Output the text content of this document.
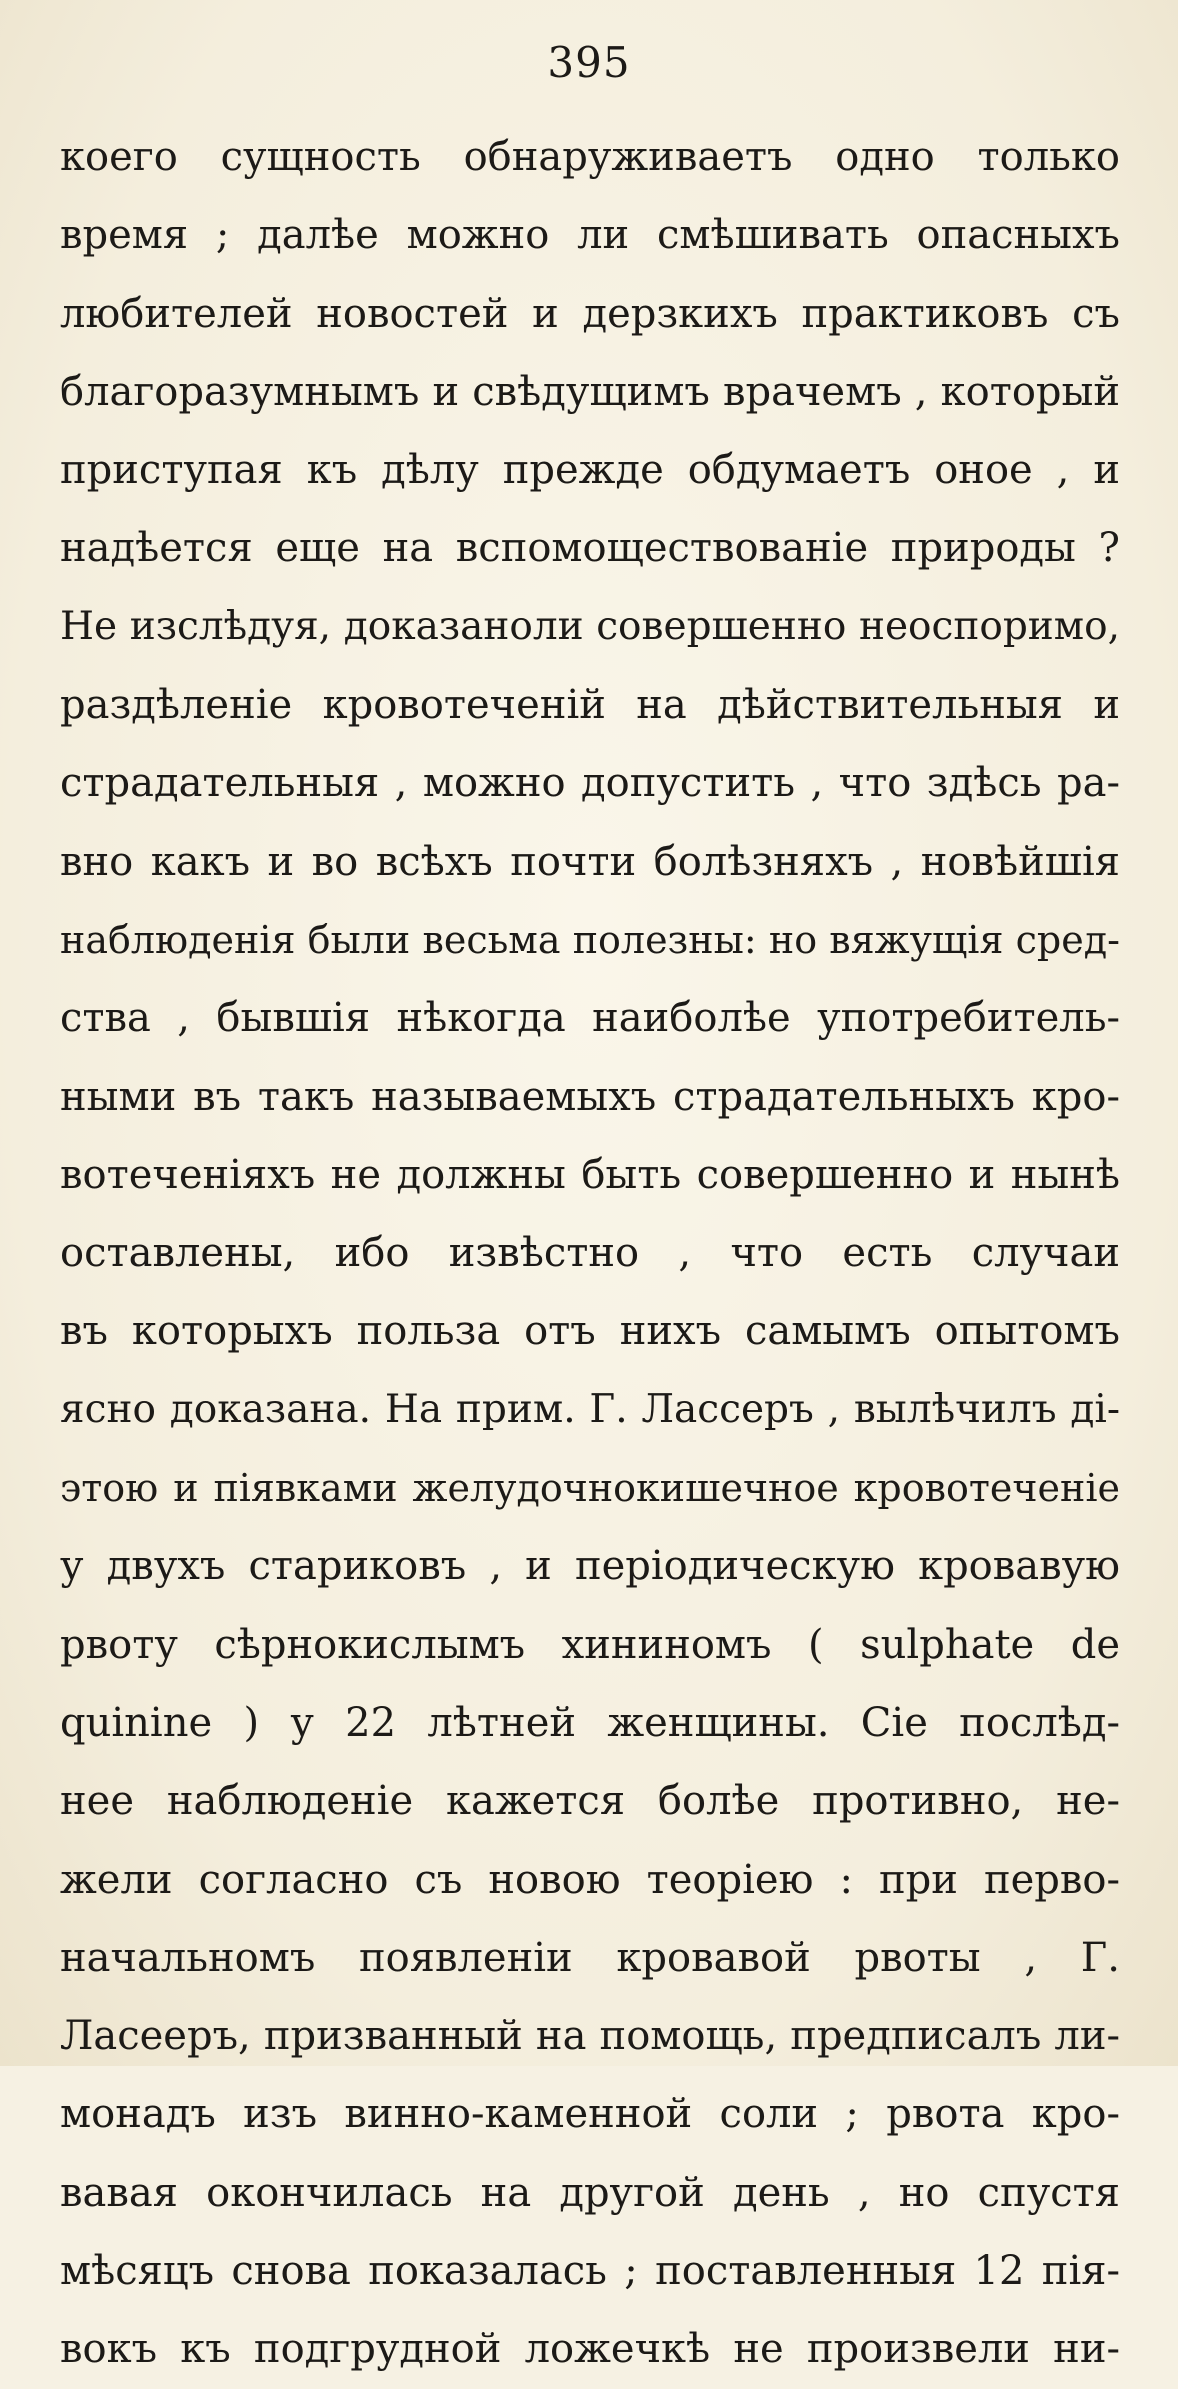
395
коего сущность обнаруживаетъ одно только
время ; далѣе можно ли смѣшивать опасныхъ
любителей новостей и дерзкихъ практиковъ съ
благоразумнымъ и свѣдущимъ врачемъ , который
приступая къ дѣлу прежде обдумаетъ оное , и
надѣется еще на вспомоществованіе природы ?
Не изслѣдуя, доказаноли совершенно неоспоримо,
раздѣленіе кровотеченій на дѣйствительныя и
страдательныя , можно допустить , что здѣсь ра-
вно какъ и во всѣхъ почти болѣзняхъ , новѣйшія
наблюденія были весьма полезны: но вяжущія сред-
ства , бывшія нѣкогда наиболѣе употребитель-
ными въ такъ называемыхъ страдательныхъ кро-
вотеченіяхъ не должны быть совершенно и нынѣ
оставлены, ибо извѣстно , что есть случаи
въ которыхъ польза отъ нихъ самымъ опытомъ
ясно доказана. На прим. Г. Лассеръ , вылѣчилъ ді-
этою и піявками желудочнокишечное кровотеченіе
у двухъ стариковъ , и періодическую кровавую
рвоту сѣрнокислымъ хининомъ ( sulphate de
quinine ) у 22 лѣтней женщины. Сіе послѣд-
нее наблюденіе кажется болѣе противно, не-
жели согласно съ новою теоріею : при перво-
начальномъ появленіи кровавой рвоты , Г.
Ласееръ, призванный на помощь, предписалъ ли-
монадъ изъ винно-каменной соли ; рвота кро-
вавая окончилась на другой день , но спустя
мѣсяцъ снова показалась ; поставленныя 12 пія-
вокъ къ подгрудной ложечкѣ не произвели ни-
